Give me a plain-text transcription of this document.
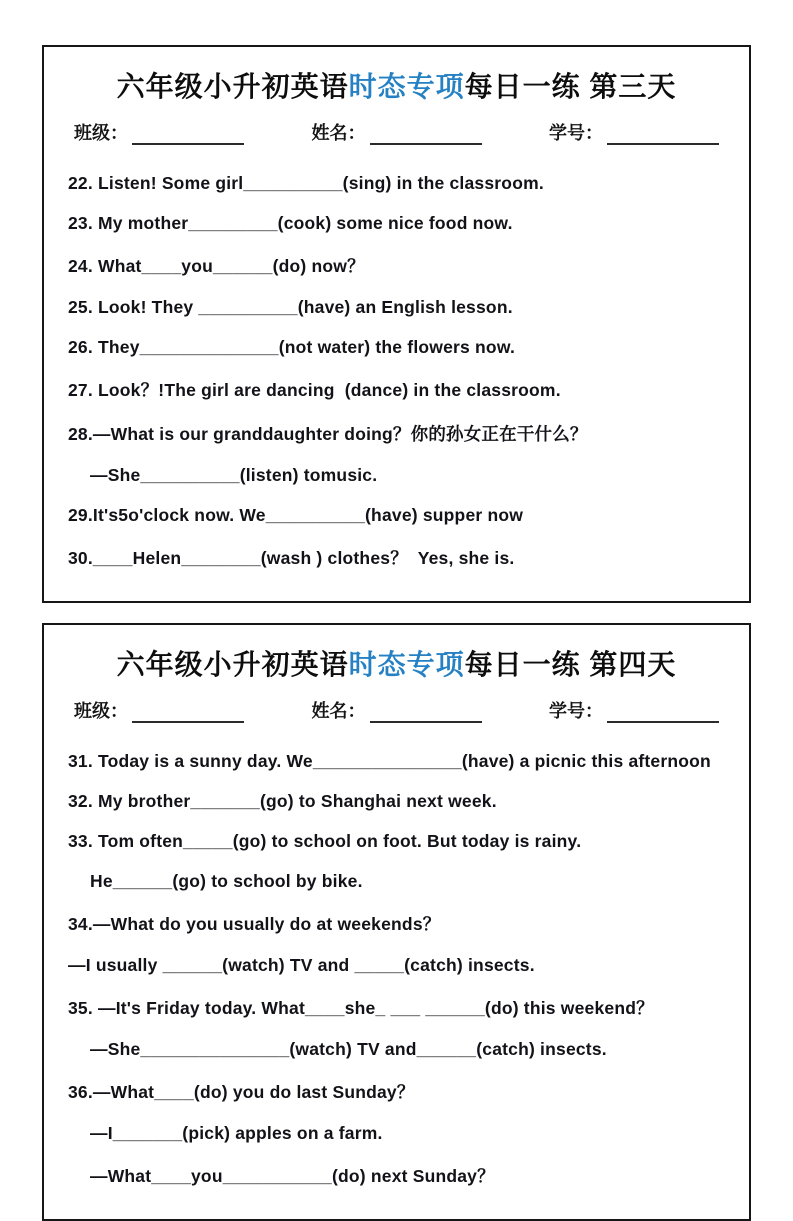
六年级小升初英语时态专项每日一练 第三天
班级：	姓名：	学号：
22. Listen! Some girl__________(sing) in the classroom.
23. My mother_________(cook) some nice food now.
24. What____you______(do) now？
25. Look! They __________(have) an English lesson.
26. They______________(not water) the flowers now.
27. Look？!The girl are dancing  (dance) in the classroom.
28.—What is our granddaughter doing？你的孙女正在干什么？
—She__________(listen) tomusic.
29.It's5o'clock now. We__________(have) supper now
30.____Helen________(wash ) clothes？  Yes, she is.
六年级小升初英语时态专项每日一练 第四天
班级：	姓名：	学号：
31. Today is a sunny day. We_______________(have) a picnic this afternoon
32. My brother_______(go) to Shanghai next week.
33. Tom often_____(go) to school on foot. But today is rainy.
He______(go) to school by bike.
34.—What do you usually do at weekends？
—I usually ______(watch) TV and _____(catch) insects.
35. —It's Friday today. What____she_ ___ ______(do) this weekend？
—She_______________(watch) TV and______(catch) insects.
36.—What____(do) you do last Sunday？
—I_______(pick) apples on a farm.
—What____you___________(do) next Sunday？
